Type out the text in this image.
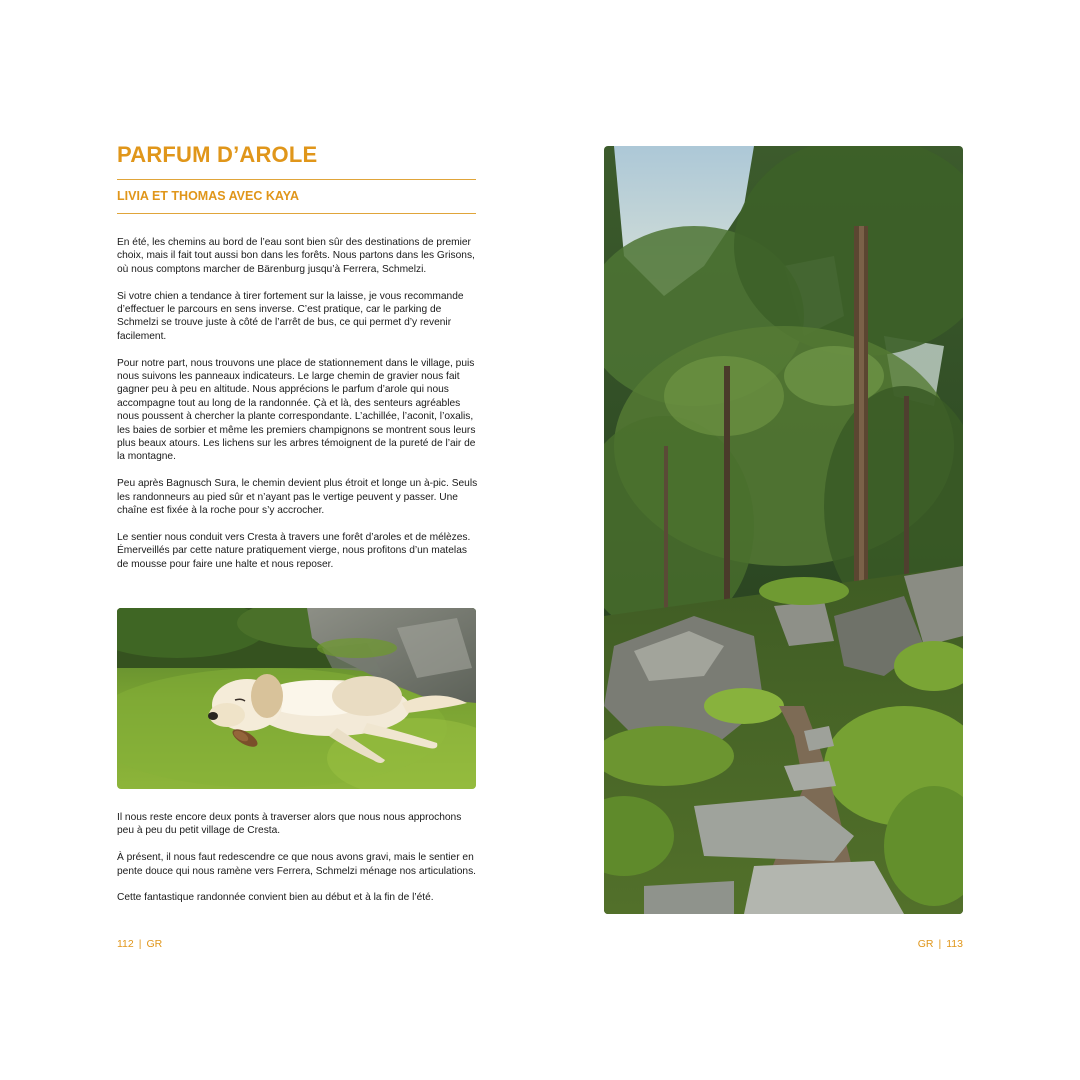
PARFUM D’AROLE
LIVIA ET THOMAS AVEC KAYA

En été, les chemins au bord de l’eau sont bien sûr des destinations de premier choix, mais il fait tout aussi bon dans les forêts. Nous partons dans les Grisons, où nous comptons marcher de Bärenburg jusqu’à Ferrera, Schmelzi.

Si votre chien a tendance à tirer fortement sur la laisse, je vous recommande d’effectuer le parcours en sens inverse. C’est pratique, car le parking de Schmelzi se trouve juste à côté de l’arrêt de bus, ce qui permet d’y revenir facilement.

Pour notre part, nous trouvons une place de stationnement dans le village, puis nous suivons les panneaux indicateurs. Le large chemin de gravier nous fait gagner peu à peu en altitude. Nous apprécions le parfum d’arole qui nous accompagne tout au long de la randonnée. Çà et là, des senteurs agréables nous poussent à chercher la plante correspondante. L’achillée, l’aconit, l’oxalis, les baies de sorbier et même les premiers champignons se montrent sous leurs plus beaux atours. Les lichens sur les arbres témoignent de la pureté de l’air de la montagne.

Peu après Bagnusch Sura, le chemin devient plus étroit et longe un à-pic. Seuls les randonneurs au pied sûr et n’ayant pas le vertige peuvent y passer. Une chaîne est fixée à la roche pour s’y accrocher.

Le sentier nous conduit vers Cresta à travers une forêt d’aroles et de mélèzes. Émerveillés par cette nature pratiquement vierge, nous profitons d’un matelas de mousse pour faire une halte et nous reposer.

Il nous reste encore deux ponts à traverser alors que nous nous approchons peu à peu du petit village de Cresta.

À présent, il nous faut redescendre ce que nous avons gravi, mais le sentier en pente douce qui nous ramène vers Ferrera, Schmelzi ménage nos articulations.

Cette fantastique randonnée convient bien au début et à la fin de l’été.

112 | GR	GR | 113
